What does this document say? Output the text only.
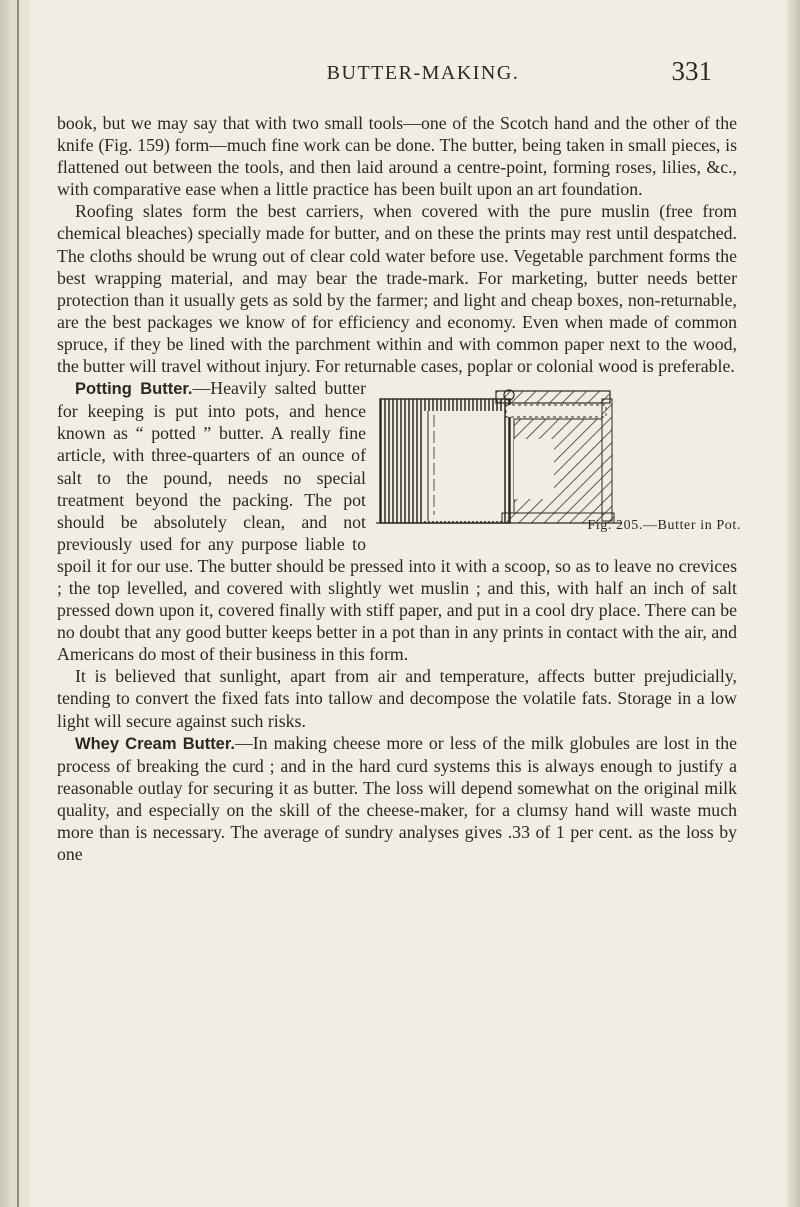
BUTTER-MAKING.	331

book, but we may say that with two small tools—one of the Scotch hand and the other of the knife (Fig. 159) form—much fine work can be done. The butter, being taken in small pieces, is flattened out between the tools, and then laid around a centre-point, forming roses, lilies, &c., with comparative ease when a little practice has been built upon an art foundation.

Roofing slates form the best carriers, when covered with the pure muslin (free from chemical bleaches) specially made for butter, and on these the prints may rest until despatched. The cloths should be wrung out of clear cold water before use. Vegetable parchment forms the best wrapping material, and may bear the trade-mark. For marketing, butter needs better protection than it usually gets as sold by the farmer; and light and cheap boxes, non-returnable, are the best packages we know of for efficiency and economy. Even when made of common spruce, if they be lined with the parchment within and with common paper next to the wood, the butter will travel without injury. For returnable cases, poplar or colonial wood is preferable.

Fig. 205.—Butter in Pot.
Potting Butter.—Heavily salted butter for keeping is put into pots, and hence known as “ potted ” butter. A really fine article, with three-quarters of an ounce of salt to the pound, needs no special treatment beyond the packing. The pot should be absolutely clean, and not previously used for any purpose liable to spoil it for our use. The butter should be pressed into it with a scoop, so as to leave no crevices ; the top levelled, and covered with slightly wet muslin ; and this, with half an inch of salt pressed down upon it, covered finally with stiff paper, and put in a cool dry place. There can be no doubt that any good butter keeps better in a pot than in any prints in contact with the air, and Americans do most of their business in this form.

It is believed that sunlight, apart from air and temperature, affects butter prejudicially, tending to convert the fixed fats into tallow and decompose the volatile fats. Storage in a low light will secure against such risks.

Whey Cream Butter.—In making cheese more or less of the milk globules are lost in the process of breaking the curd ; and in the hard curd systems this is always enough to justify a reasonable outlay for securing it as butter. The loss will depend somewhat on the original milk quality, and especially on the skill of the cheese-maker, for a clumsy hand will waste much more than is necessary. The average of sundry analyses gives .33 of 1 per cent. as the loss by one
